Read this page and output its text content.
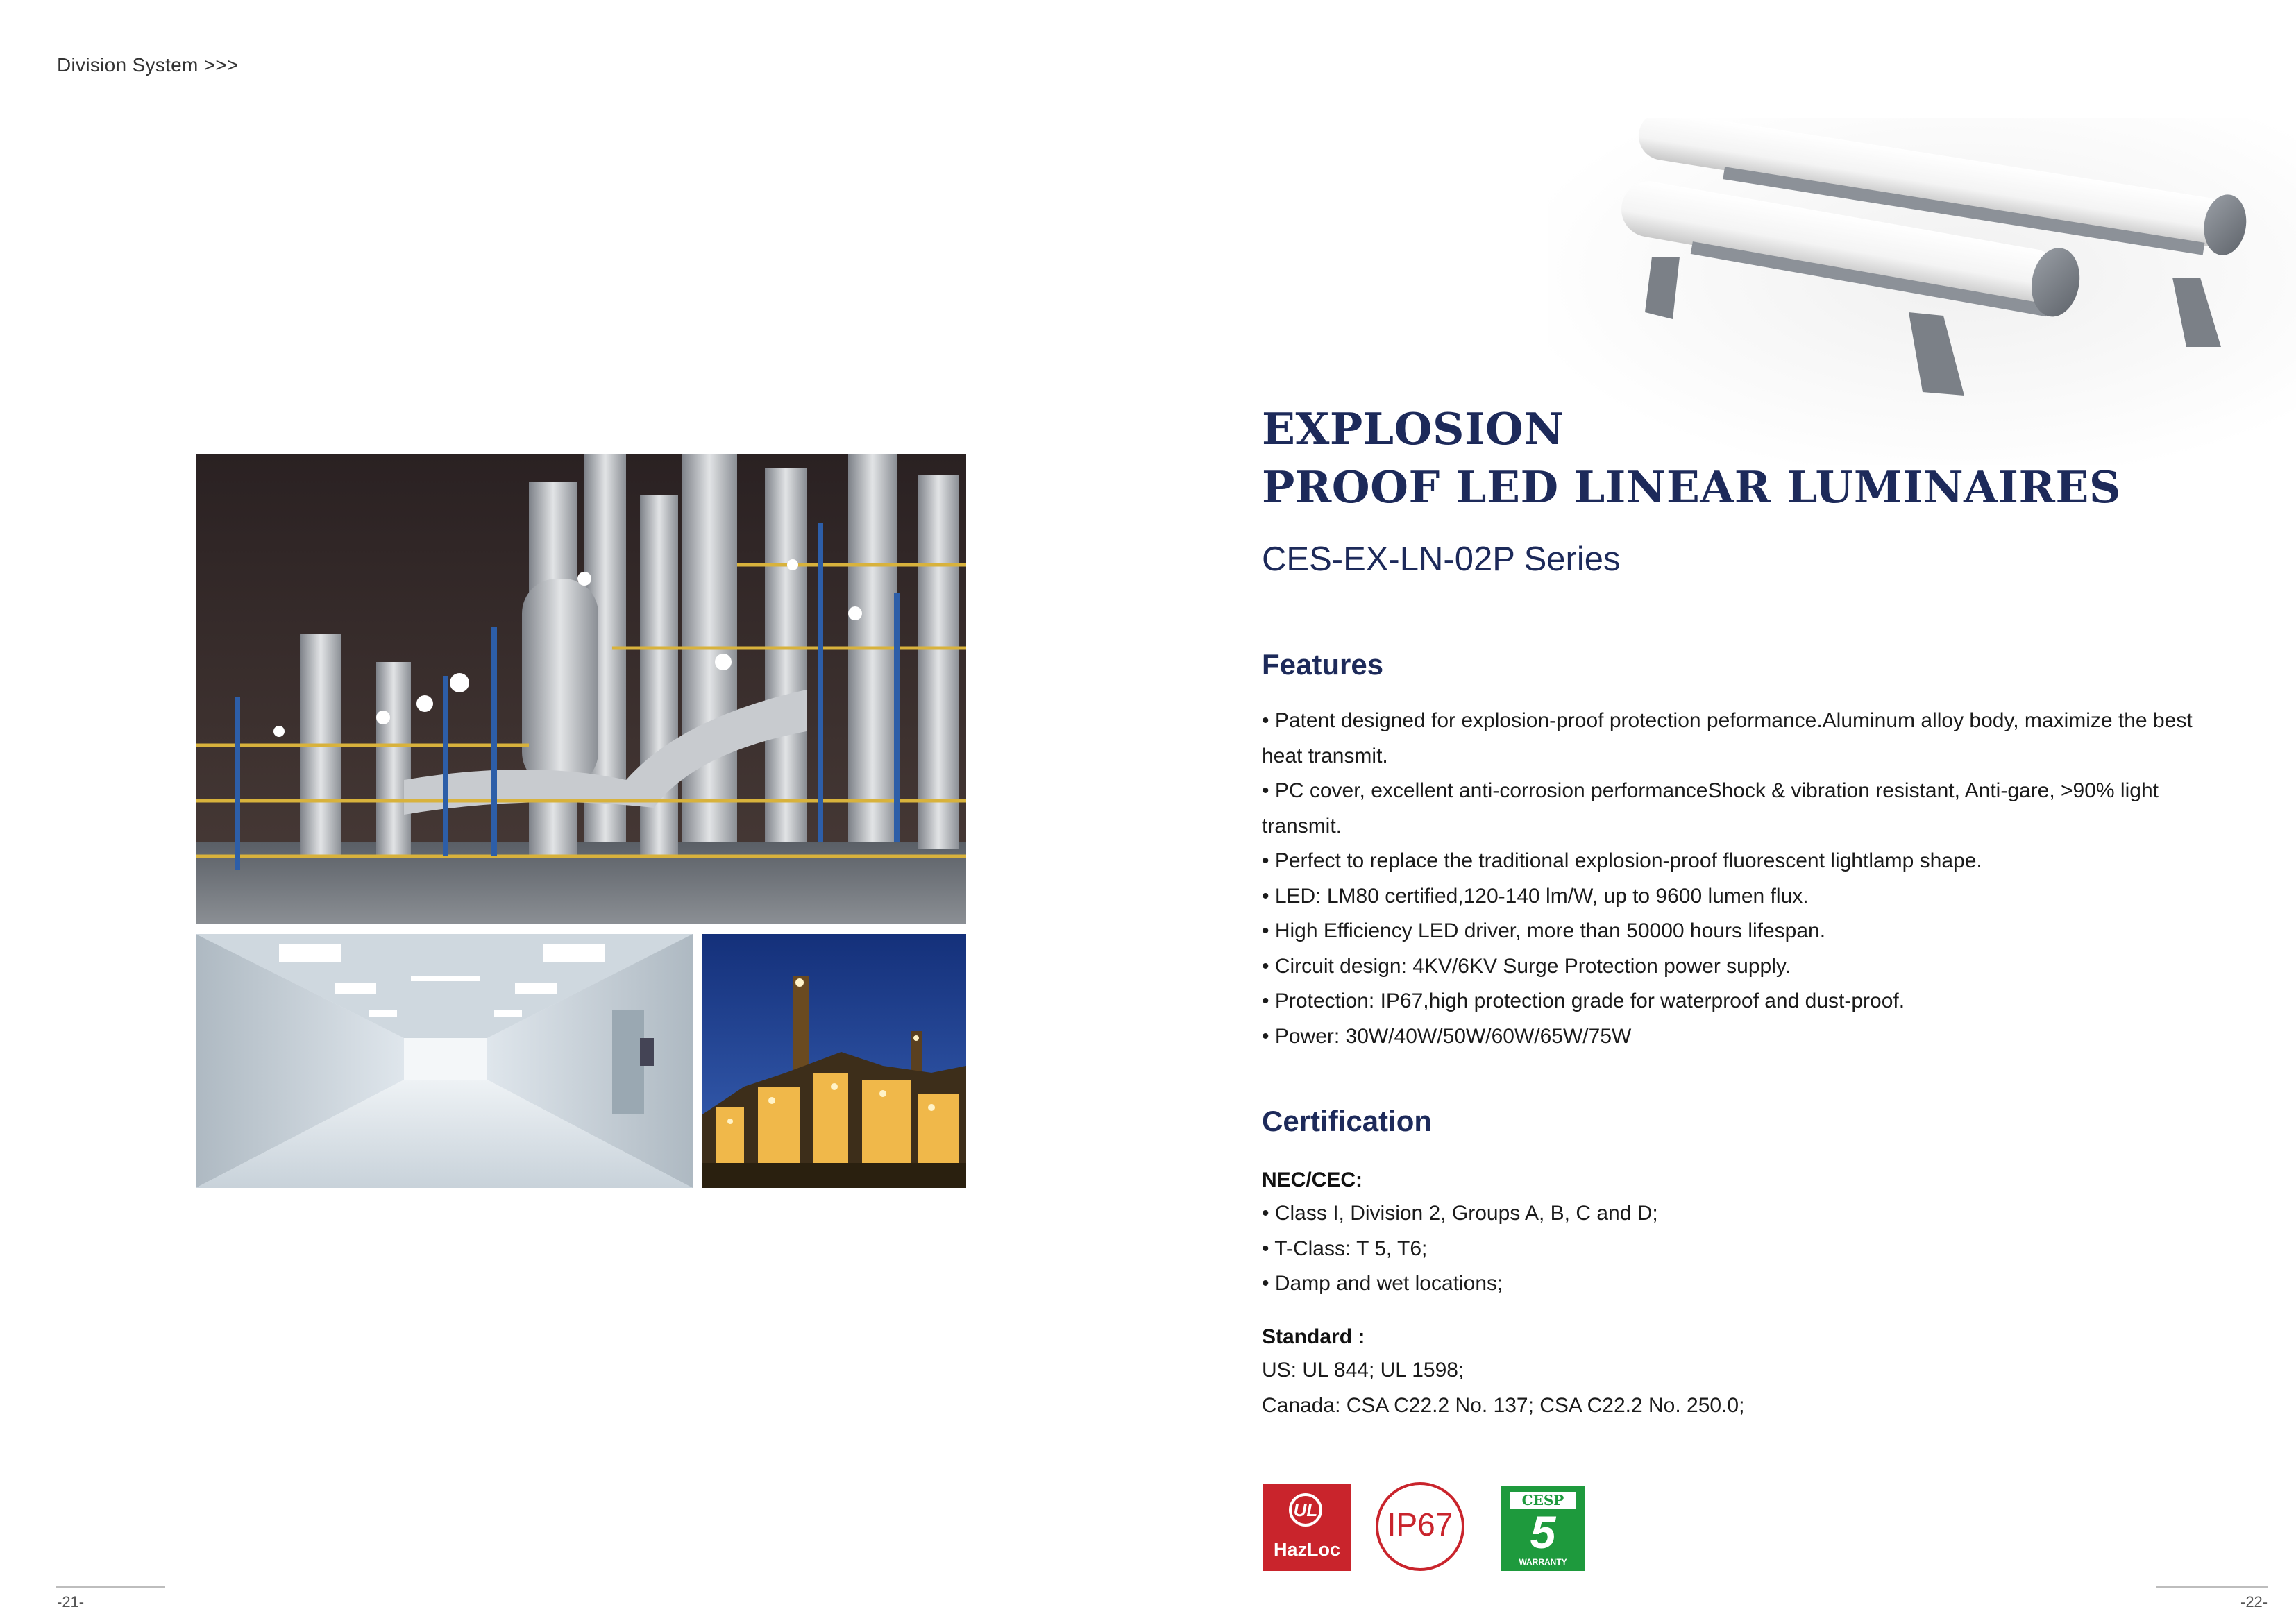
Division System >>>
EXPLOSION
PROOF LED LINEAR LUMINAIRES
CES-EX-LN-02P Series
Features
• Patent designed for explosion-proof protection peformance.Aluminum alloy body, maximize the best
heat transmit.
• PC cover, excellent anti-corrosion performanceShock & vibration resistant, Anti-gare, >90% light
transmit.
• Perfect to replace the traditional explosion-proof fluorescent lightlamp shape.
• LED: LM80 certified,120-140 lm/W, up to 9600 lumen flux.
• High Efficiency LED driver, more than 50000 hours lifespan.
• Circuit design: 4KV/6KV Surge Protection power supply.
• Protection: IP67,high protection grade for waterproof and dust-proof.
• Power: 30W/40W/50W/60W/65W/75W
Certification
NEC/CEC:
• Class I, Division 2, Groups A, B, C and D;
• T-Class: T 5, T6;
• Damp and wet locations;
Standard :
US: UL 844; UL 1598;
Canada: CSA C22.2 No. 137; CSA C22.2 No. 250.0;
UL
HazLoc
IP67
CESP
5
WARRANTY
-21-	-22-
